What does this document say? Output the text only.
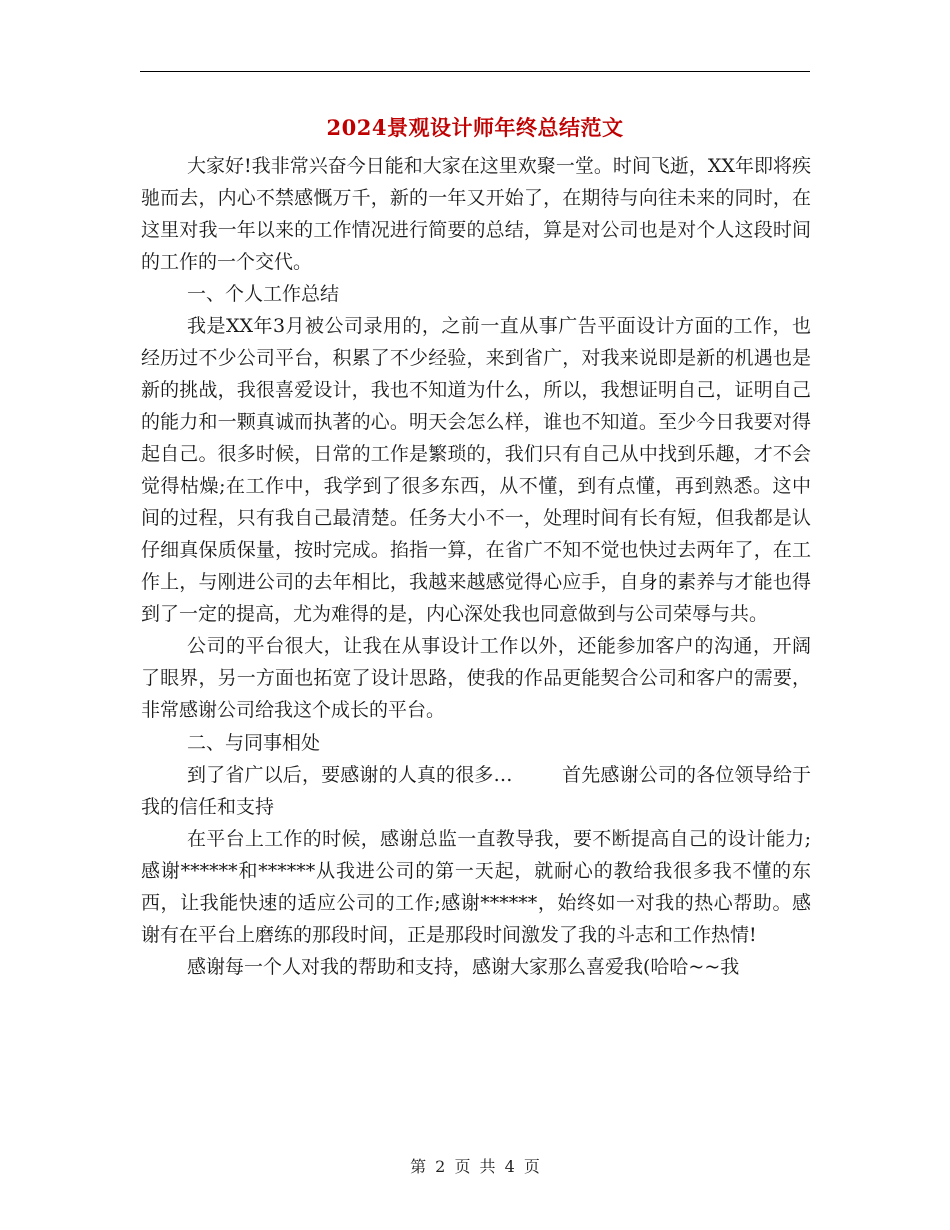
2024景观设计师年终总结范文

大家好!我非常兴奋今日能和大家在这里欢聚一堂。时间飞逝，XX年即将疾驰而去，内心不禁感慨万千，新的一年又开始了，在期待与向往未来的同时，在这里对我一年以来的工作情况进行简要的总结，算是对公司也是对个人这段时间的工作的一个交代。

一、个人工作总结

我是XX年3月被公司录用的，之前一直从事广告平面设计方面的工作，也经历过不少公司平台，积累了不少经验，来到省广，对我来说即是新的机遇也是新的挑战，我很喜爱设计，我也不知道为什么，所以，我想证明自己，证明自己的能力和一颗真诚而执著的心。明天会怎么样，谁也不知道。至少今日我要对得起自己。很多时候，日常的工作是繁琐的，我们只有自己从中找到乐趣，才不会觉得枯燥;在工作中，我学到了很多东西，从不懂，到有点懂，再到熟悉。这中间的过程，只有我自己最清楚。任务大小不一，处理时间有长有短，但我都是认仔细真保质保量，按时完成。掐指一算，在省广不知不觉也快过去两年了，在工作上，与刚进公司的去年相比，我越来越感觉得心应手，自身的素养与才能也得到了一定的提高，尤为难得的是，内心深处我也同意做到与公司荣辱与共。

公司的平台很大，让我在从事设计工作以外，还能参加客户的沟通，开阔了眼界，另一方面也拓宽了设计思路，使我的作品更能契合公司和客户的需要，非常感谢公司给我这个成长的平台。

二、与同事相处

到了省广以后，要感谢的人真的很多…        首先感谢公司的各位领导给于我的信任和支持

在平台上工作的时候，感谢总监一直教导我，要不断提高自己的设计能力;感谢******和******从我进公司的第一天起，就耐心的教给我很多我不懂的东西，让我能快速的适应公司的工作;感谢******，始终如一对我的热心帮助。感谢有在平台上磨练的那段时间，正是那段时间激发了我的斗志和工作热情!

感谢每一个人对我的帮助和支持，感谢大家那么喜爱我(哈哈~~我

第 2 页 共 4 页
